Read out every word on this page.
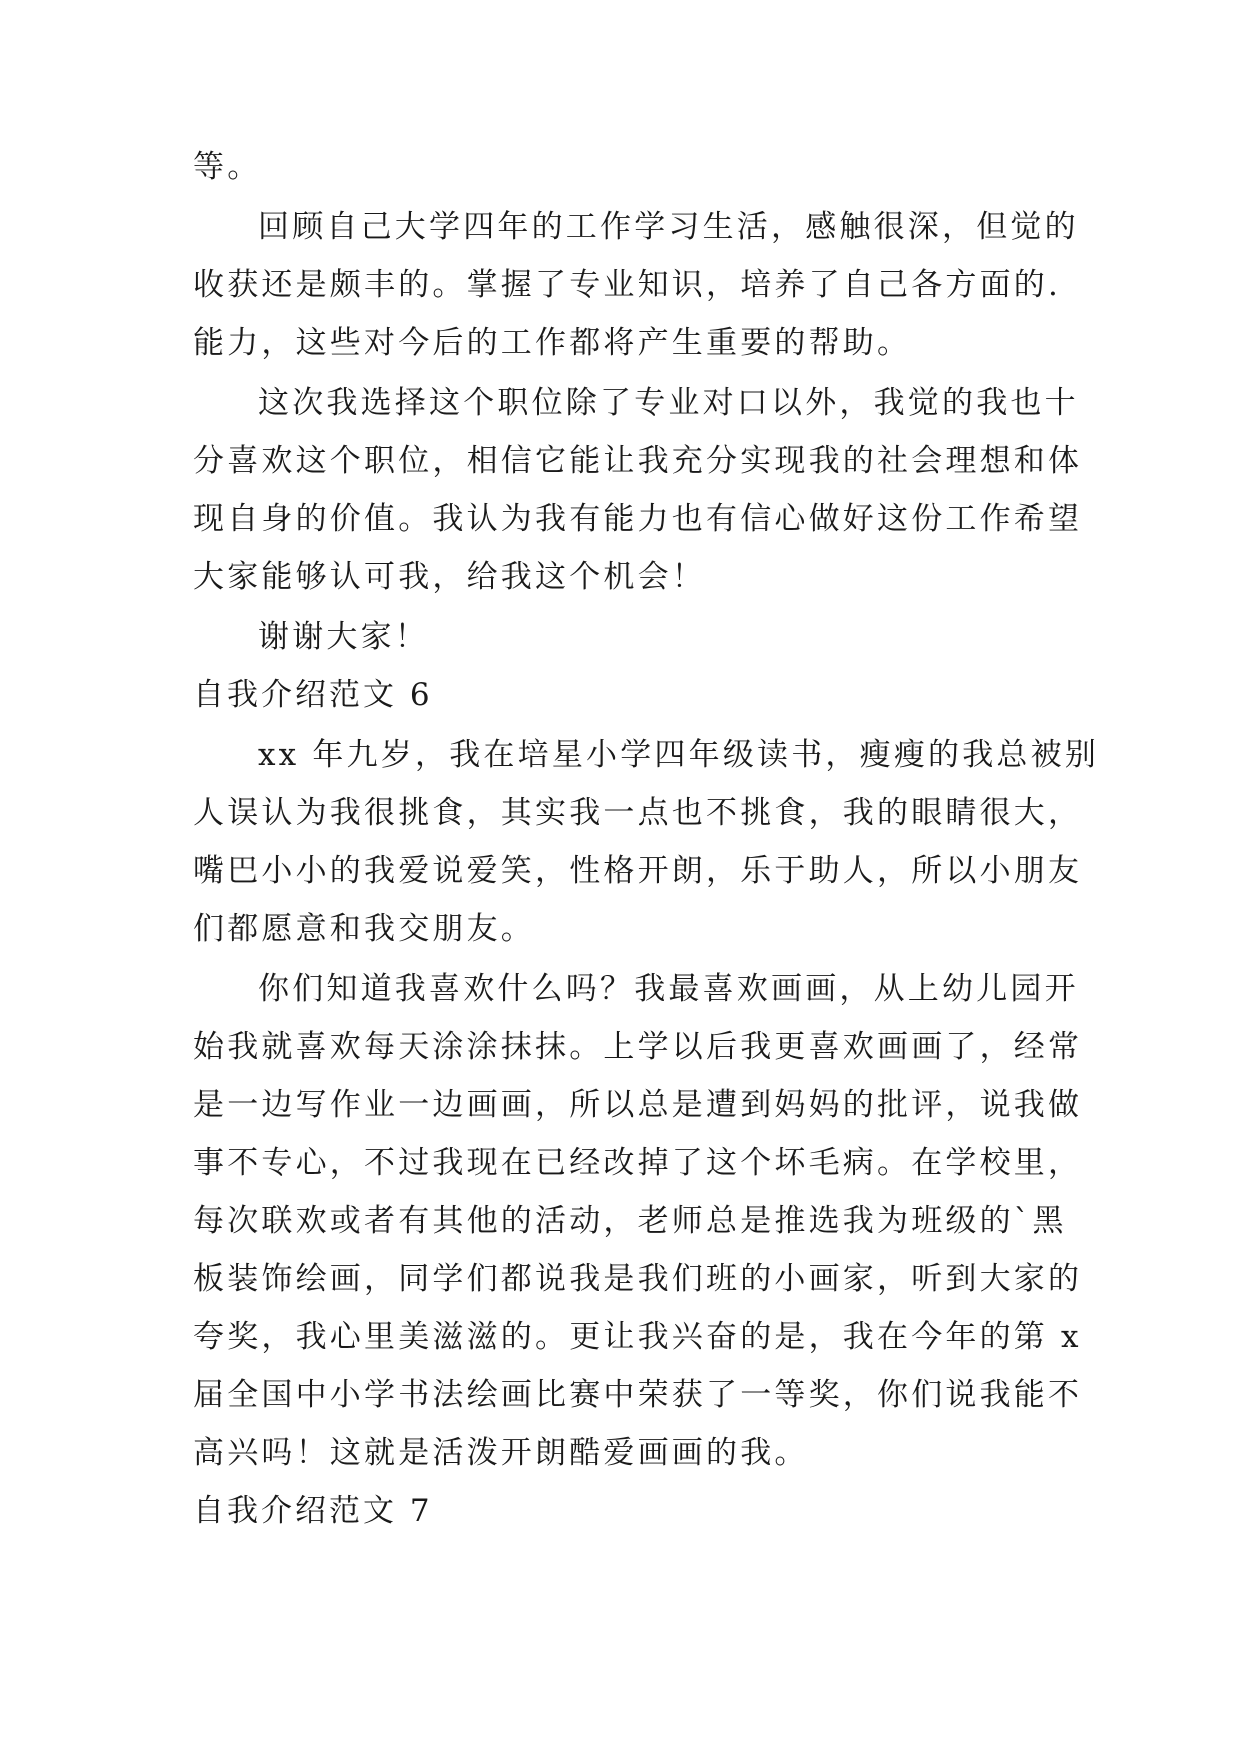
等。

回顾自己大学四年的工作学习生活，感触很深，但觉的

收获还是颇丰的。掌握了专业知识，培养了自己各方面的.

能力，这些对今后的工作都将产生重要的帮助。

这次我选择这个职位除了专业对口以外，我觉的我也十

分喜欢这个职位，相信它能让我充分实现我的社会理想和体

现自身的价值。我认为我有能力也有信心做好这份工作希望

大家能够认可我，给我这个机会！

谢谢大家！

自我介绍范文 6

xx 年九岁，我在培星小学四年级读书，瘦瘦的我总被别

人误认为我很挑食，其实我一点也不挑食，我的眼睛很大，

嘴巴小小的我爱说爱笑，性格开朗，乐于助人，所以小朋友

们都愿意和我交朋友。

你们知道我喜欢什么吗？我最喜欢画画，从上幼儿园开

始我就喜欢每天涂涂抹抹。上学以后我更喜欢画画了，经常

是一边写作业一边画画，所以总是遭到妈妈的批评，说我做

事不专心，不过我现在已经改掉了这个坏毛病。在学校里，

每次联欢或者有其他的活动，老师总是推选我为班级的`黑

板装饰绘画，同学们都说我是我们班的小画家，听到大家的

夸奖，我心里美滋滋的。更让我兴奋的是，我在今年的第 x

届全国中小学书法绘画比赛中荣获了一等奖，你们说我能不

高兴吗！这就是活泼开朗酷爱画画的我。

自我介绍范文 7
